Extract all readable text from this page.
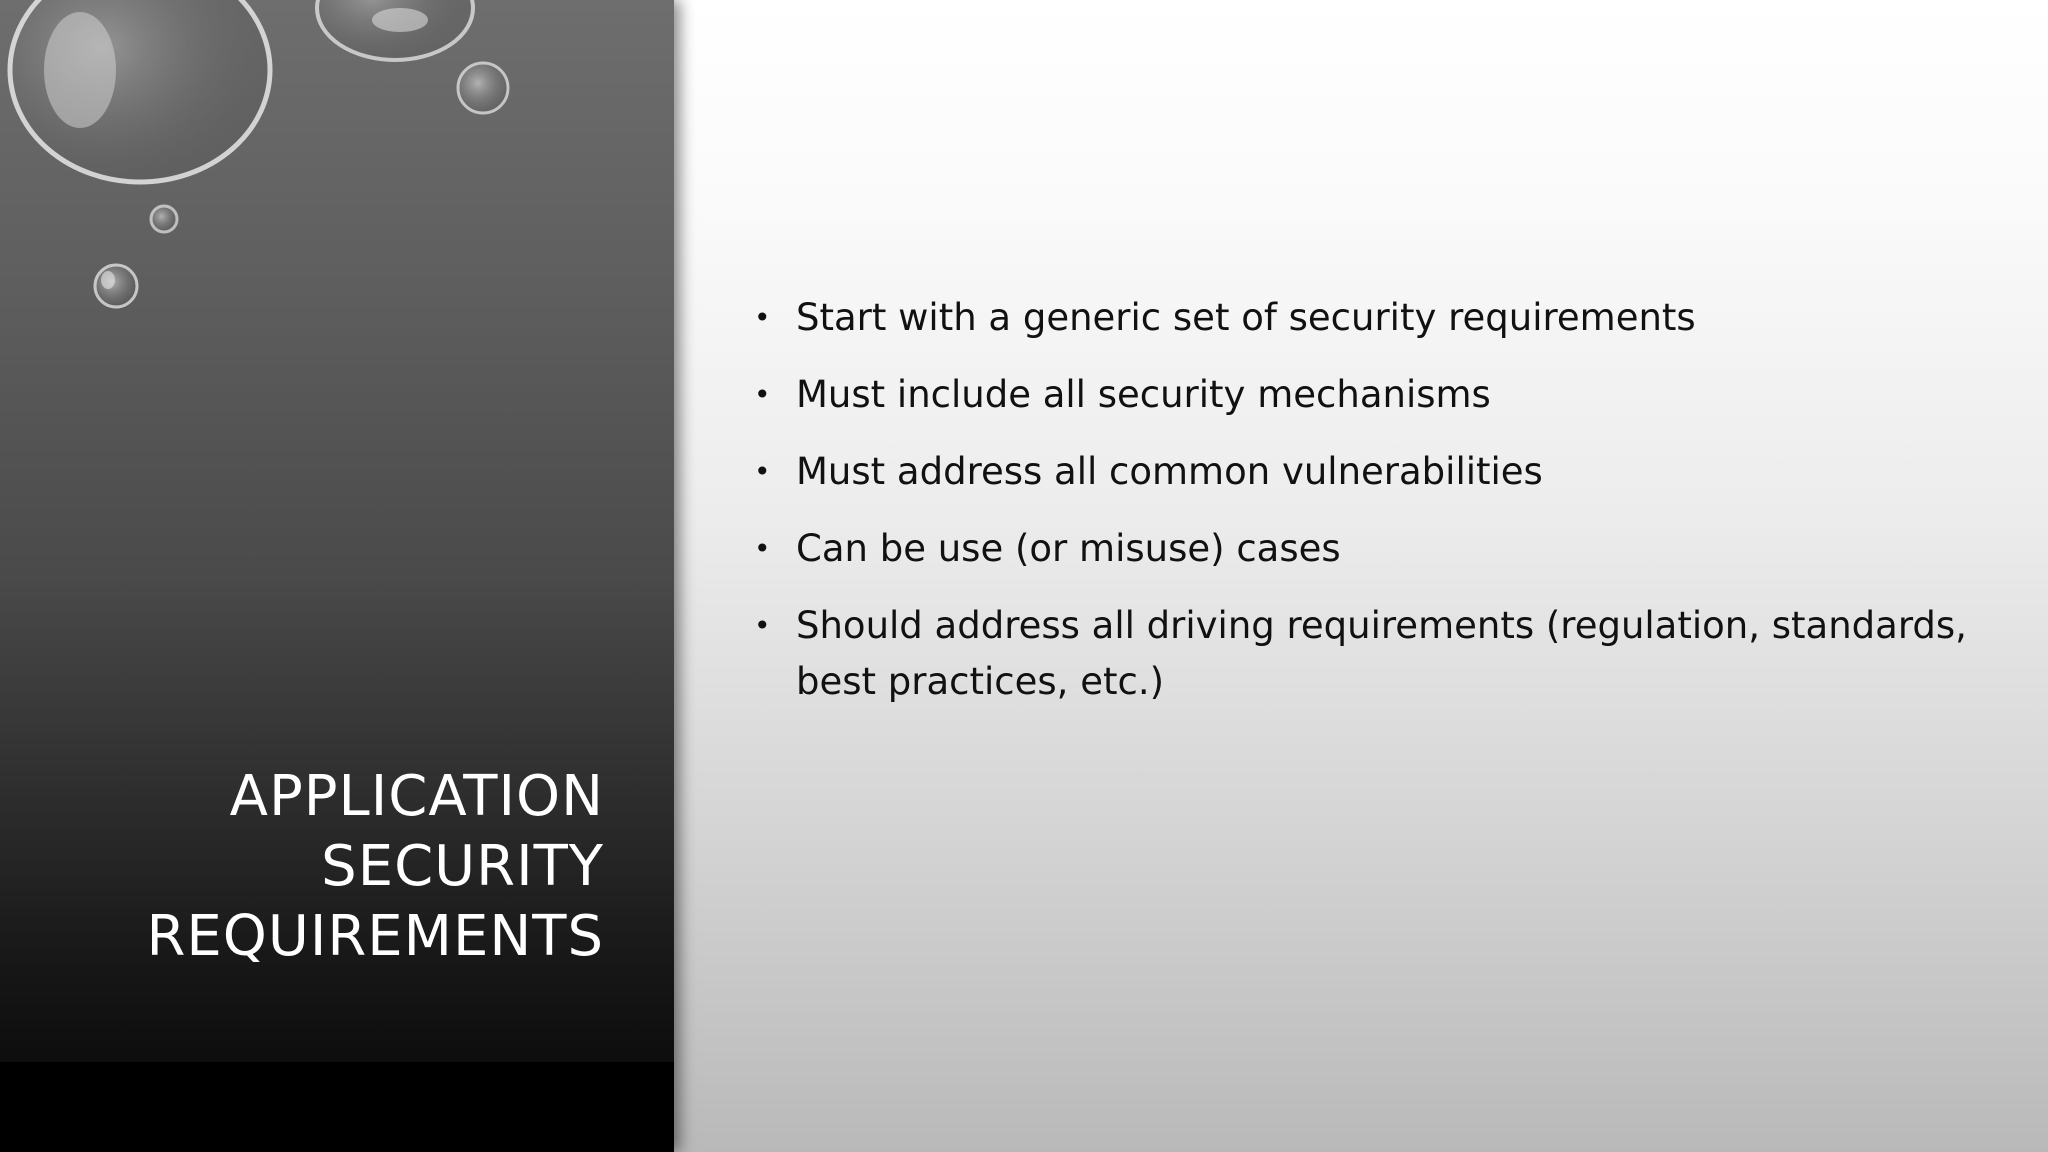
APPLICATION
SECURITY
REQUIREMENTS
• Start with a generic set of security requirements
• Must include all security mechanisms
• Must address all common vulnerabilities
• Can be use (or misuse) cases
• Should address all driving requirements (regulation, standards, best practices, etc.)
